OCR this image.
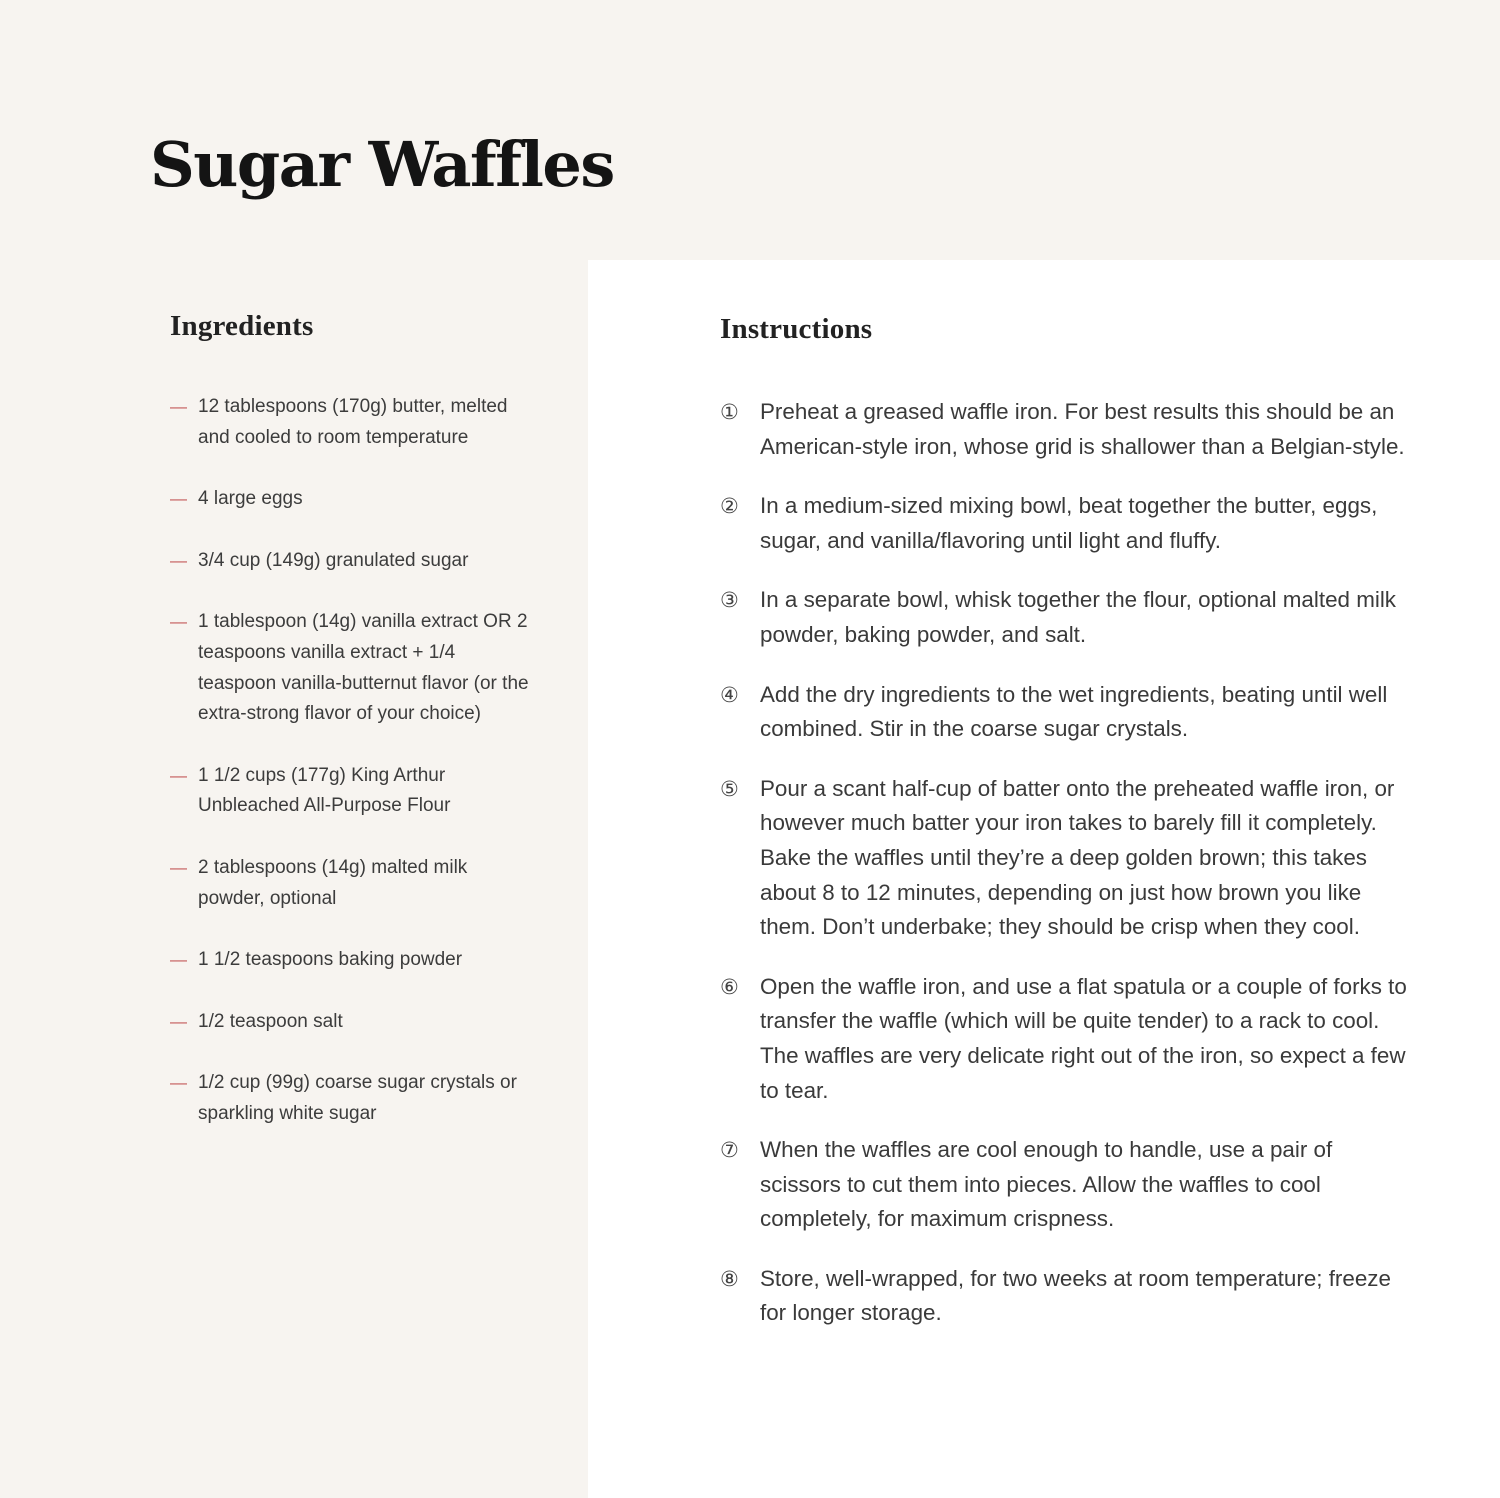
Sugar Waffles
Ingredients
— 12 tablespoons (170g) butter, melted and cooled to room temperature
— 4 large eggs
— 3/4 cup (149g) granulated sugar
— 1 tablespoon (14g) vanilla extract OR 2 teaspoons vanilla extract + 1/4 teaspoon vanilla-butternut flavor (or the extra-strong flavor of your choice)
— 1 1/2 cups (177g) King Arthur Unbleached All-Purpose Flour
— 2 tablespoons (14g) malted milk powder, optional
— 1 1/2 teaspoons baking powder
— 1/2 teaspoon salt
— 1/2 cup (99g) coarse sugar crystals or sparkling white sugar
Instructions
① Preheat a greased waffle iron. For best results this should be an American-style iron, whose grid is shallower than a Belgian-style.
② In a medium-sized mixing bowl, beat together the butter, eggs, sugar, and vanilla/flavoring until light and fluffy.
③ In a separate bowl, whisk together the flour, optional malted milk powder, baking powder, and salt.
④ Add the dry ingredients to the wet ingredients, beating until well combined. Stir in the coarse sugar crystals.
⑤ Pour a scant half-cup of batter onto the preheated waffle iron, or however much batter your iron takes to barely fill it completely. Bake the waffles until they’re a deep golden brown; this takes about 8 to 12 minutes, depending on just how brown you like them. Don’t underbake; they should be crisp when they cool.
⑥ Open the waffle iron, and use a flat spatula or a couple of forks to transfer the waffle (which will be quite tender) to a rack to cool. The waffles are very delicate right out of the iron, so expect a few to tear.
⑦ When the waffles are cool enough to handle, use a pair of scissors to cut them into pieces. Allow the waffles to cool completely, for maximum crispness.
⑧ Store, well-wrapped, for two weeks at room temperature; freeze for longer storage.
